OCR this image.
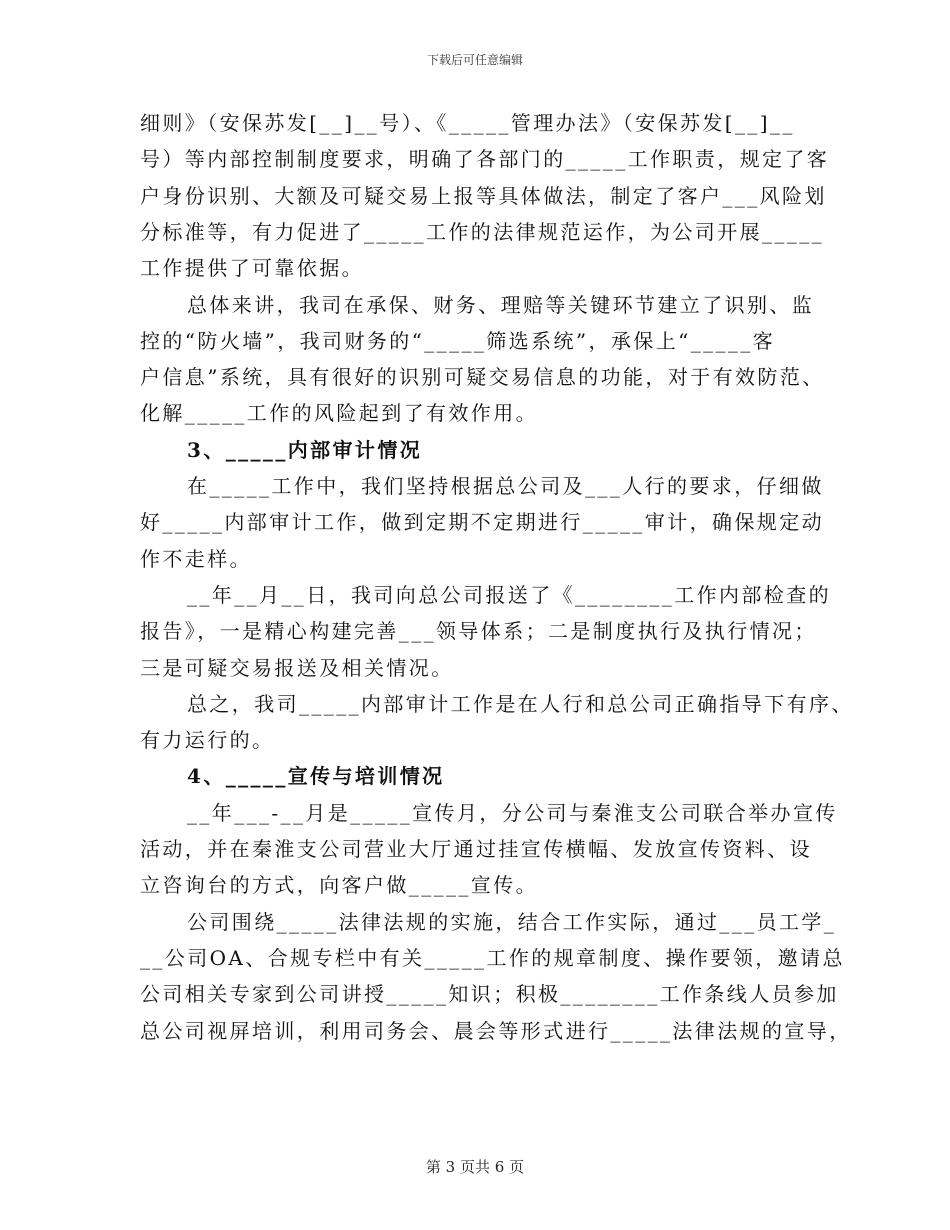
下载后可任意编辑
细则》（安保苏发[__]__号）、《_____管理办法》（安保苏发[__]__
号）等内部控制制度要求，明确了各部门的_____工作职责，规定了客
户身份识别、大额及可疑交易上报等具体做法，制定了客户___风险划
分标准等，有力促进了_____工作的法律规范运作，为公司开展_____
工作提供了可靠依据。
总体来讲，我司在承保、财务、理赔等关键环节建立了识别、监
控的“防火墙”，我司财务的“_____筛选系统”，承保上“_____客
户信息”系统，具有很好的识别可疑交易信息的功能，对于有效防范、
化解_____工作的风险起到了有效作用。
3、_____内部审计情况
在_____工作中，我们坚持根据总公司及___人行的要求，仔细做
好_____内部审计工作，做到定期不定期进行_____审计，确保规定动
作不走样。
__年__月__日，我司向总公司报送了《________工作内部检查的
报告》，一是精心构建完善___领导体系；二是制度执行及执行情况；
三是可疑交易报送及相关情况。
总之，我司_____内部审计工作是在人行和总公司正确指导下有序、
有力运行的。
4、_____宣传与培训情况
__年___-__月是_____宣传月，分公司与秦淮支公司联合举办宣传
活动，并在秦淮支公司营业大厅通过挂宣传横幅、发放宣传资料、设
立咨询台的方式，向客户做_____宣传。
公司围绕_____法律法规的实施，结合工作实际，通过___员工学_
__公司OA、合规专栏中有关_____工作的规章制度、操作要领，邀请总
公司相关专家到公司讲授_____知识；积极________工作条线人员参加
总公司视屏培训，利用司务会、晨会等形式进行_____法律法规的宣导，
第 3 页共 6 页
